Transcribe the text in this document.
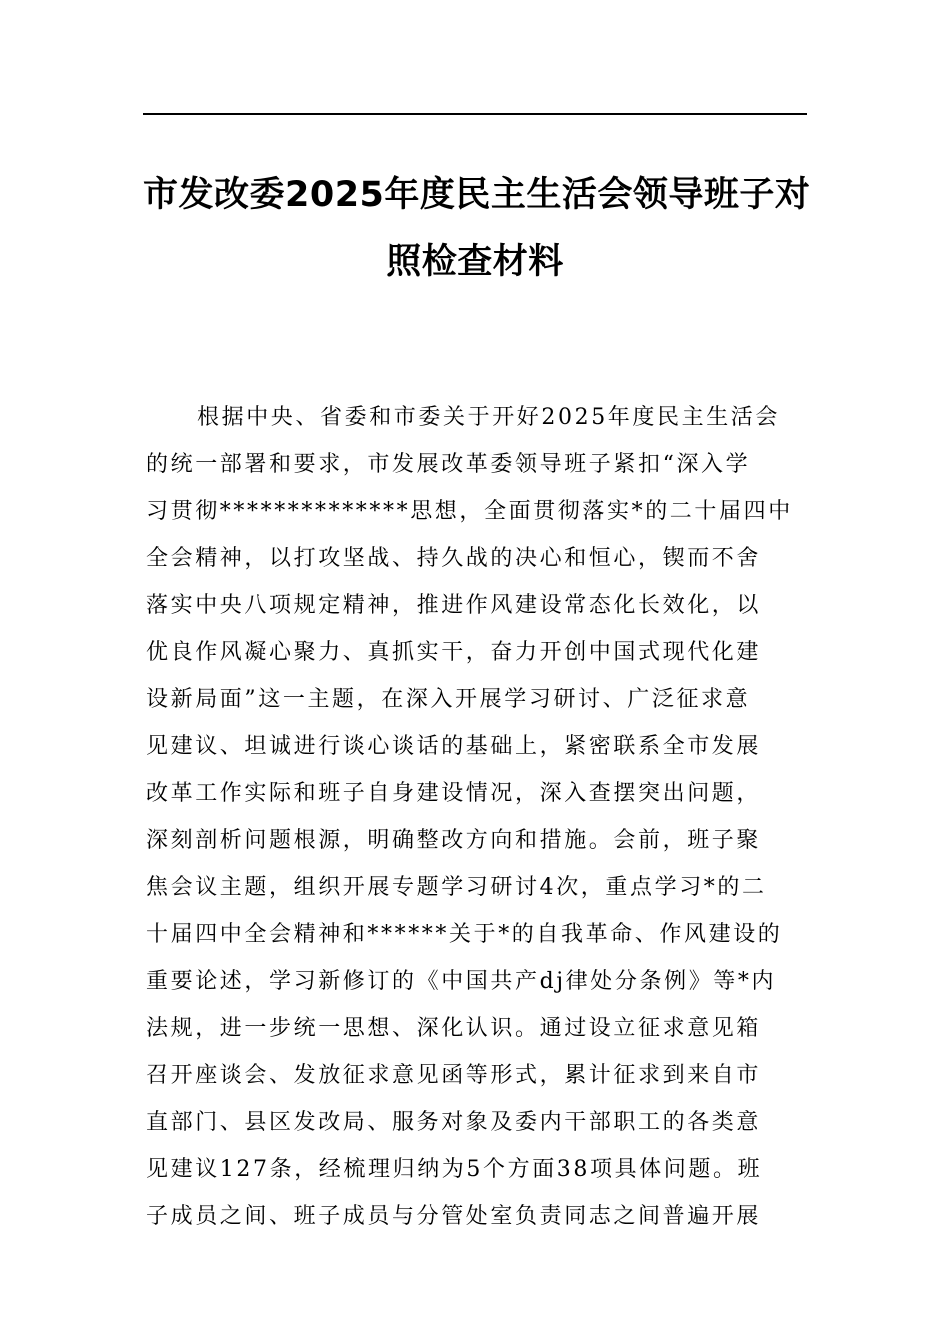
市发改委2025年度民主生活会领导班子对
照检查材料
根据中央、省委和市委关于开好2025年度民主生活会
的统一部署和要求，市发展改革委领导班子紧扣“深入学
习贯彻**************思想，全面贯彻落实*的二十届四中
全会精神，以打攻坚战、持久战的决心和恒心，锲而不舍
落实中央八项规定精神，推进作风建设常态化长效化，以
优良作风凝心聚力、真抓实干，奋力开创中国式现代化建
设新局面”这一主题，在深入开展学习研讨、广泛征求意
见建议、坦诚进行谈心谈话的基础上，紧密联系全市发展
改革工作实际和班子自身建设情况，深入查摆突出问题，
深刻剖析问题根源，明确整改方向和措施。会前，班子聚
焦会议主题，组织开展专题学习研讨4次，重点学习*的二
十届四中全会精神和******关于*的自我革命、作风建设的
重要论述，学习新修订的《中国共产dj律处分条例》等*内
法规，进一步统一思想、深化认识。通过设立征求意见箱
召开座谈会、发放征求意见函等形式，累计征求到来自市
直部门、县区发改局、服务对象及委内干部职工的各类意
见建议127条，经梳理归纳为5个方面38项具体问题。班
子成员之间、班子成员与分管处室负责同志之间普遍开展
